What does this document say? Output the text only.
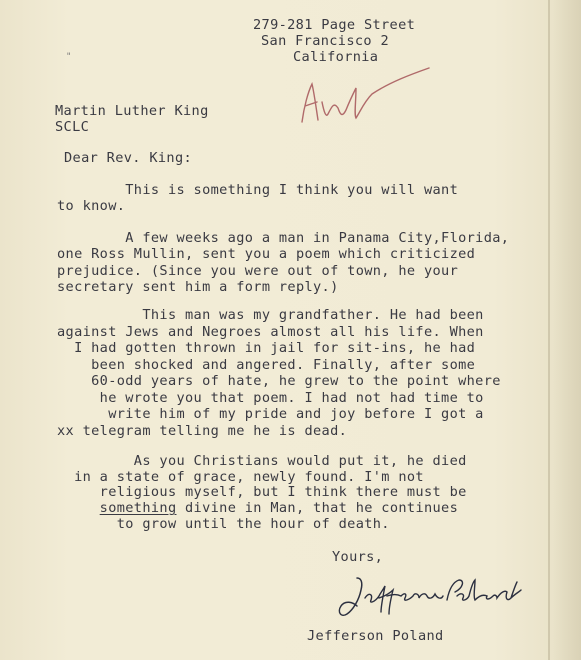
"
279-281 Page Street
San Francisco 2
California
Martin Luther King
SCLC
Dear Rev. King:
This is something I think you will want
to know.
A few weeks ago a man in Panama City,Florida,
one Ross Mullin, sent you a poem which criticized
prejudice. (Since you were out of town, he your
secretary sent him a form reply.)
This man was my grandfather. He had been
against Jews and Negroes almost all his life. When
I had gotten thrown in jail for sit-ins, he had
been shocked and angered. Finally, after some
60-odd years of hate, he grew to the point where
he wrote you that poem. I had not had time to
write him of my pride and joy before I got a
xx telegram telling me he is dead.
As you Christians would put it, he died
in a state of grace, newly found. I'm not
religious myself, but I think there must be
something divine in Man, that he continues
to grow until the hour of death.
Yours,
Jefferson Poland
